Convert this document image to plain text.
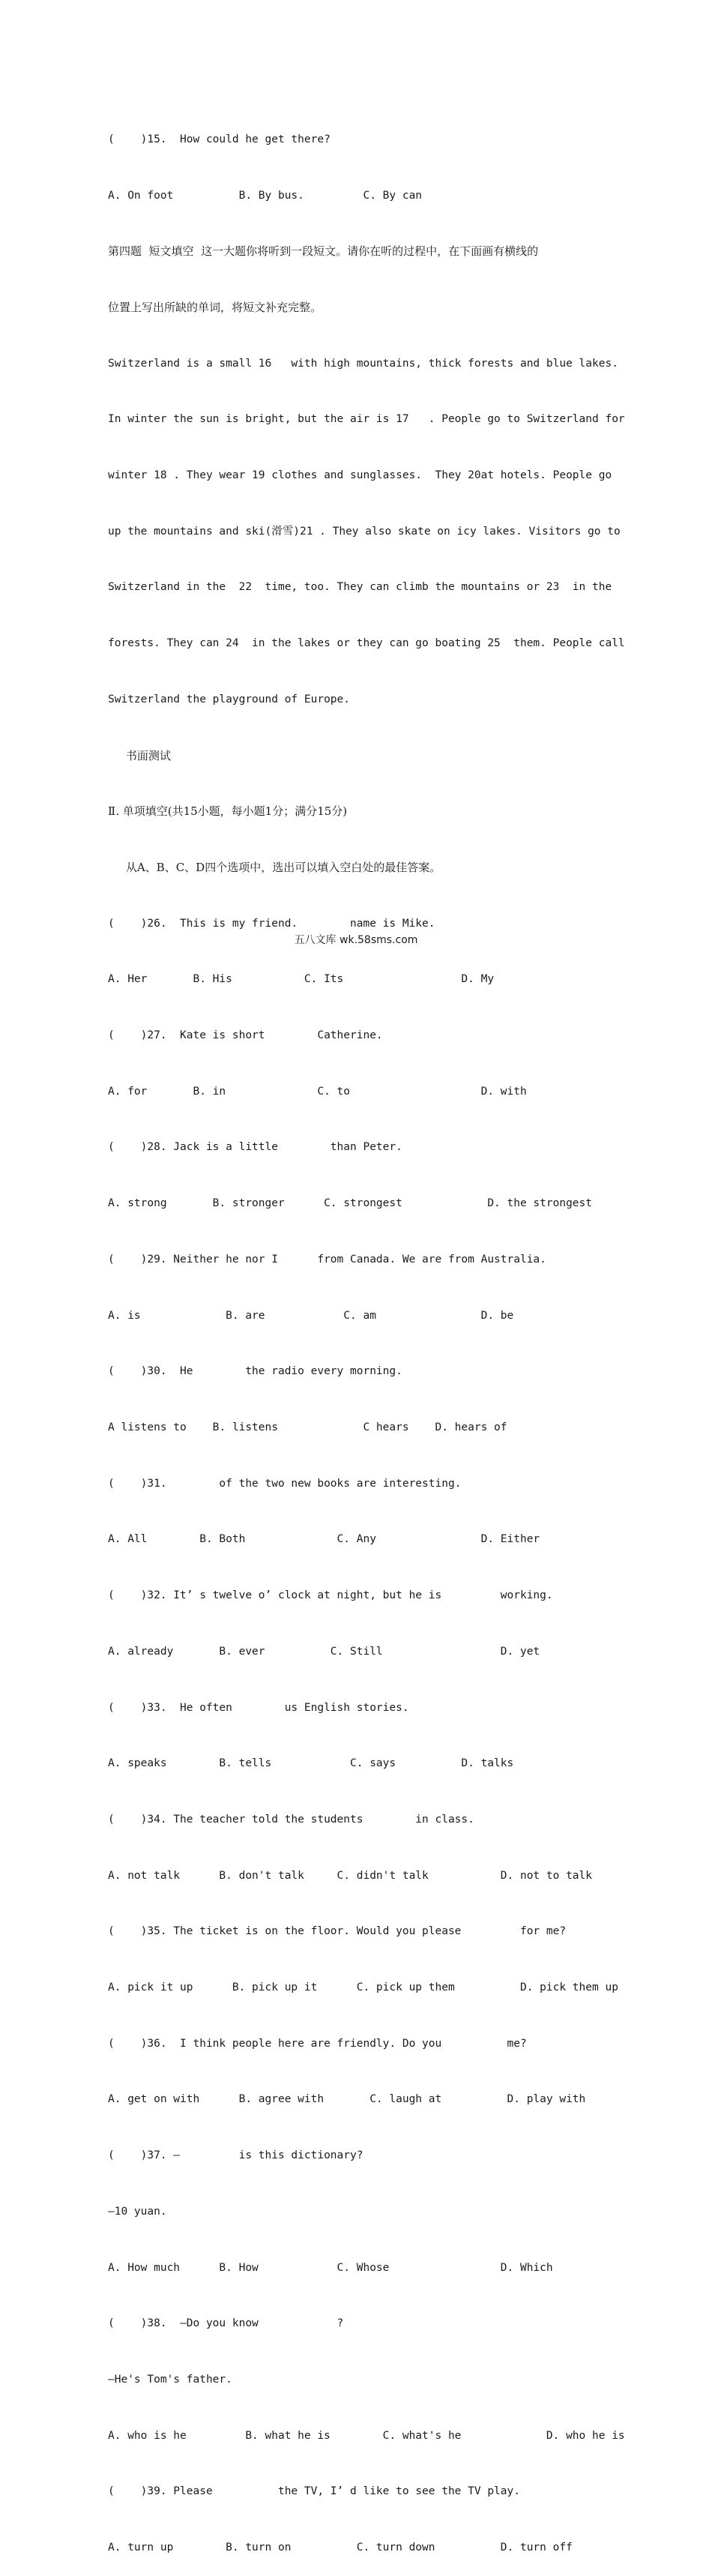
(    )15.  How could he get there?

A. On foot          B. By bus.         C. By can

第四题  短文填空  这一大题你将听到一段短文。请你在听的过程中，在下面画有横线的

位置上写出所缺的单词，将短文补充完整。

Switzerland is a small 16   with high mountains, thick forests and blue lakes.

In winter the sun is bright, but the air is 17   . People go to Switzerland for

winter 18 . They wear 19 clothes and sunglasses.  They 20at hotels. People go

up the mountains and ski(滑雪)21 . They also skate on icy lakes. Visitors go to

Switzerland in the  22  time, too. They can climb the mountains or 23  in the

forests. They can 24  in the lakes or they can go boating 25  them. People call

Switzerland the playground of Europe.

书面测试

Ⅱ. 单项填空(共15小题，每小题1分；满分15分)

从A、B、C、D四个选项中，选出可以填入空白处的最佳答案。

(    )26.  This is my friend.        name is Mike.

A. Her       B. His           C. Its                  D. My

(    )27.  Kate is short        Catherine.

A. for       B. in              C. to                    D. with

(    )28. Jack is a little        than Peter.

A. strong       B. stronger      C. strongest             D. the strongest

(    )29. Neither he nor I      from Canada. We are from Australia.

A. is             B. are            C. am                D. be

(    )30.  He        the radio every morning.

A listens to    B. listens             C hears    D. hears of

(    )31.        of the two new books are interesting.

A. All        B. Both              C. Any                D. Either

(    )32. It’ s twelve o’ clock at night, but he is         working.

A. already       B. ever          C. Still                  D. yet

(    )33.  He often        us English stories.

A. speaks        B. tells            C. says          D. talks

(    )34. The teacher told the students        in class.

A. not talk      B. don't talk     C. didn't talk           D. not to talk

(    )35. The ticket is on the floor. Would you please         for me?

A. pick it up      B. pick up it      C. pick up them          D. pick them up

(    )36.  I think people here are friendly. Do you          me?

A. get on with      B. agree with       C. laugh at          D. play with

(    )37. —         is this dictionary?

—10 yuan.

A. How much      B. How            C. Whose                 D. Which

(    )38.  —Do you know            ?

—He's Tom's father.

A. who is he         B. what he is        C. what's he             D. who he is

(    )39. Please          the TV, I’ d like to see the TV play.

A. turn up        B. turn on          C. turn down          D. turn off

五八文库 wk.58sms.com
